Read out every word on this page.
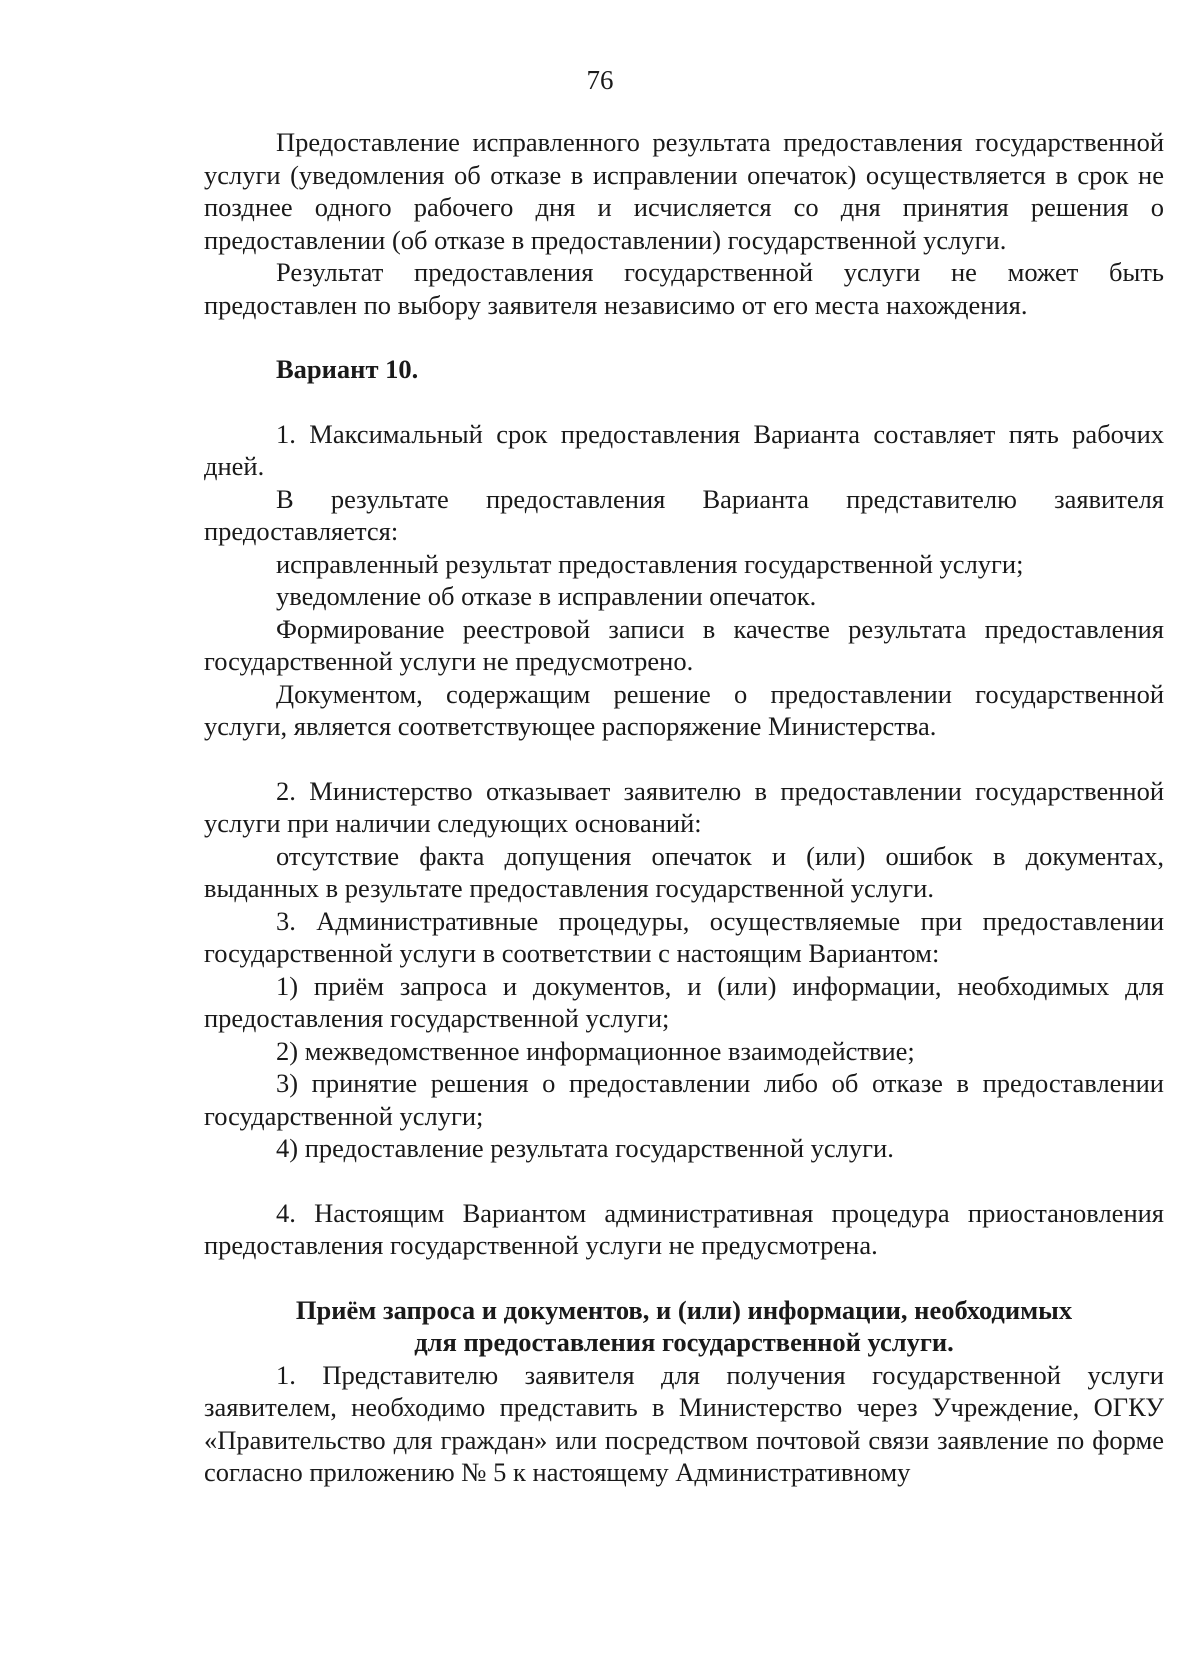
76

Предоставление исправленного результата предоставления государственной услуги (уведомления об отказе в исправлении опечаток) осуществляется в срок не позднее одного рабочего дня и исчисляется со дня принятия решения о предоставлении (об отказе в предоставлении) государственной услуги.

Результат предоставления государственной услуги не может быть предоставлен по выбору заявителя независимо от его места нахождения.

Вариант 10.

1. Максимальный срок предоставления Варианта составляет пять рабочих дней.

В результате предоставления Варианта представителю заявителя предоставляется:

исправленный результат предоставления государственной услуги;

уведомление об отказе в исправлении опечаток.

Формирование реестровой записи в качестве результата предоставления государственной услуги не предусмотрено.

Документом, содержащим решение о предоставлении государственной услуги, является соответствующее распоряжение Министерства.

2. Министерство отказывает заявителю в предоставлении государственной услуги при наличии следующих оснований:

отсутствие факта допущения опечаток и (или) ошибок в документах, выданных в результате предоставления государственной услуги.

3. Административные процедуры, осуществляемые при предоставлении государственной услуги в соответствии с настоящим Вариантом:

1) приём запроса и документов, и (или) информации, необходимых для предоставления государственной услуги;

2) межведомственное информационное взаимодействие;

3) принятие решения о предоставлении либо об отказе в предоставлении государственной услуги;

4) предоставление результата государственной услуги.

4. Настоящим Вариантом административная процедура приостановления предоставления государственной услуги не предусмотрена.

Приём запроса и документов, и (или) информации, необходимых
для предоставления государственной услуги.

1. Представителю заявителя для получения государственной услуги заявителем, необходимо представить в Министерство через Учреждение, ОГКУ «Правительство для граждан» или посредством почтовой связи заявление по форме согласно приложению № 5 к настоящему Административному
